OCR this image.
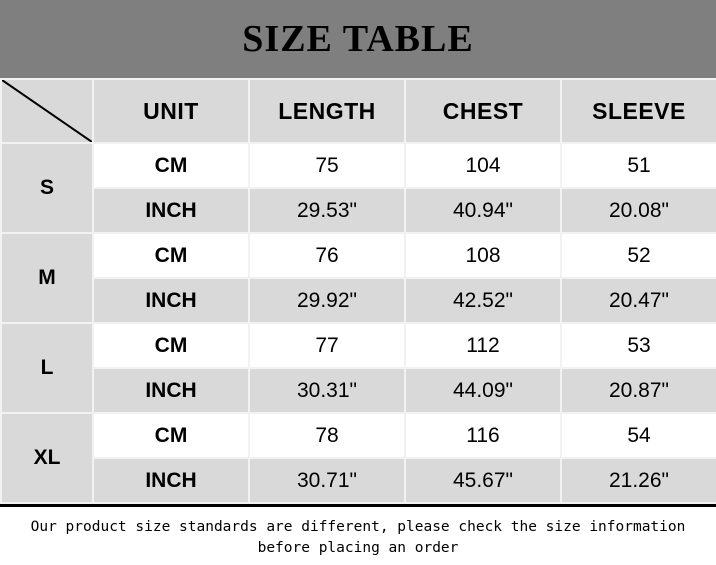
SIZE TABLE
	UNIT	LENGTH	CHEST	SLEEVE
S	CM	75	104	51
	INCH	29.53"	40.94"	20.08"
M	CM	76	108	52
	INCH	29.92"	42.52"	20.47"
L	CM	77	112	53
	INCH	30.31"	44.09"	20.87"
XL	CM	78	116	54
	INCH	30.71"	45.67"	21.26"
Our product size standards are different, please check the size information
before placing an order
